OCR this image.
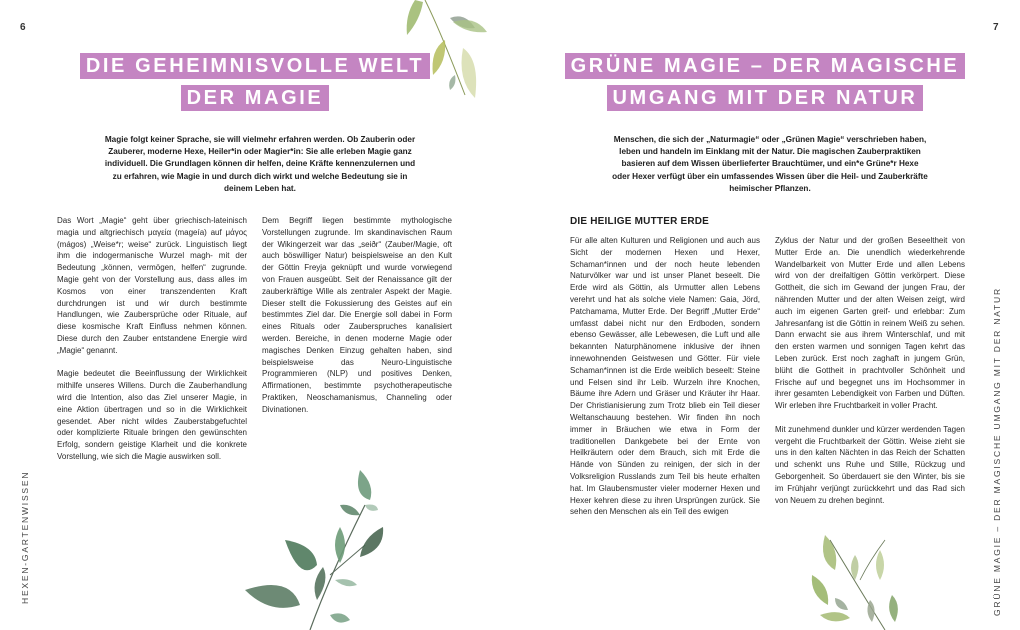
6
DIE GEHEIMNISVOLLE WELT
DER MAGIE
Magie folgt keiner Sprache, sie will vielmehr erfahren werden. Ob Zauberin oder Zauberer, moderne Hexe, Heiler*in oder Magier*in: Sie alle erleben Magie ganz individuell. Die Grundlagen können dir helfen, deine Kräfte kennenzulernen und zu erfahren, wie Magie in und durch dich wirkt und welche Bedeutung sie in deinem Leben hat.

Das Wort „Magie“ geht über griechisch-lateinisch magia und altgriechisch μαγεία (mageía) auf μάγος (mágos) „Weise*r; weise“ zurück. Linguistisch liegt ihm die indogermanische Wurzel magh- mit der Bedeutung „können, vermögen, helfen“ zugrunde. Magie geht von der Vorstellung aus, dass alles im Kosmos von einer transzendenten Kraft durchdrungen ist und wir durch bestimmte Handlungen, wie Zaubersprüche oder Rituale, auf diese kosmische Kraft Einfluss nehmen können. Diese durch den Zauber entstandene Energie wird „Magie“ genannt.

Magie bedeutet die Beeinflussung der Wirklichkeit mithilfe unseres Willens. Durch die Zauberhandlung wird die Intention, also das Ziel unserer Magie, in eine Aktion übertragen und so in die Wirklichkeit gesendet. Aber nicht wildes Zauberstabgefuchtel oder komplizierte Rituale bringen den gewünschten Erfolg, sondern geistige Klarheit und die konkrete Vorstellung, wie sich die Magie auswirken soll.

Dem Begriff liegen bestimmte mythologische Vorstellungen zugrunde. Im skandinavischen Raum der Wikingerzeit war das „seiðr“ (Zauber/Magie, oft auch böswilliger Natur) beispielsweise an den Kult der Göttin Freyja geknüpft und wurde vorwiegend von Frauen ausgeübt. Seit der Renaissance gilt der zauberkräftige Wille als zentraler Aspekt der Magie. Dieser stellt die Fokussierung des Geistes auf ein bestimmtes Ziel dar. Die Energie soll dabei in Form eines Rituals oder Zauberspruches kanalisiert werden. Bereiche, in denen moderne Magie oder magisches Denken Einzug gehalten haben, sind beispielsweise das Neuro-Linguistische Programmieren (NLP) und positives Denken, Affirmationen, bestimmte psychotherapeutische Praktiken, Neoschamanismus, Channeling oder Divinationen.

HEXEN-GARTENWISSEN
7
GRÜNE MAGIE – DER MAGISCHE
UMGANG MIT DER NATUR
Menschen, die sich der „Naturmagie“ oder „Grünen Magie“ verschrieben haben, leben und handeln im Einklang mit der Natur. Die magischen Zauberpraktiken basieren auf dem Wissen überlieferter Brauchtümer, und ein*e Grüne*r Hexe oder Hexer verfügt über ein umfassendes Wissen über die Heil- und Zauberkräfte heimischer Pflanzen.
DIE HEILIGE MUTTER ERDE

Für alle alten Kulturen und Religionen und auch aus Sicht der modernen Hexen und Hexer, Schaman*innen und der noch heute lebenden Naturvölker war und ist unser Planet beseelt. Die Erde wird als Göttin, als Urmutter allen Lebens verehrt und hat als solche viele Namen: Gaia, Jörd, Patchamama, Mutter Erde. Der Begriff „Mutter Erde“ umfasst dabei nicht nur den Erdboden, sondern ebenso Gewässer, alle Lebewesen, die Luft und alle bekannten Naturphänomene inklusive der ihnen innewohnenden Geistwesen und Götter. Für viele Schaman*innen ist die Erde weiblich beseelt: Steine und Felsen sind ihr Leib. Wurzeln ihre Knochen, Bäume ihre Adern und Gräser und Kräuter ihr Haar. Der Christianisierung zum Trotz blieb ein Teil dieser Weltanschauung bestehen. Wir finden ihn noch immer in Bräuchen wie etwa in Form der traditionellen Dankgebete bei der Ernte von Heilkräutern oder dem Brauch, sich mit Erde die Hände von Sünden zu reinigen, der sich in der Volksreligion Russlands zum Teil bis heute erhalten hat. Im Glaubensmuster vieler moderner Hexen und Hexer kehren diese zu ihren Ursprüngen zurück. Sie sehen den Menschen als ein Teil des ewigen

Zyklus der Natur und der großen Beseeltheit von Mutter Erde an. Die unendlich wiederkehrende Wandelbarkeit von Mutter Erde und allen Lebens wird von der dreifaltigen Göttin verkörpert. Diese Gottheit, die sich im Gewand der jungen Frau, der nährenden Mutter und der alten Weisen zeigt, wird auch im eigenen Garten greif- und erlebbar: Zum Jahresanfang ist die Göttin in reinem Weiß zu sehen. Dann erwacht sie aus ihrem Winterschlaf, und mit den ersten warmen und sonnigen Tagen kehrt das Leben zurück. Erst noch zaghaft in jungem Grün, blüht die Gottheit in prachtvoller Schönheit und Frische auf und begegnet uns im Hochsommer in ihrer gesamten Lebendigkeit von Farben und Düften. Wir erleben ihre Fruchtbarkeit in voller Pracht.

Mit zunehmend dunkler und kürzer werdenden Tagen vergeht die Fruchtbarkeit der Göttin. Weise zieht sie uns in den kalten Nächten in das Reich der Schatten und schenkt uns Ruhe und Stille, Rückzug und Geborgenheit. So überdauert sie den Winter, bis sie im Frühjahr verjüngt zurückkehrt und das Rad sich von Neuem zu drehen beginnt.	GRÜNE MAGIE – DER MAGISCHE UMGANG MIT DER NATUR
